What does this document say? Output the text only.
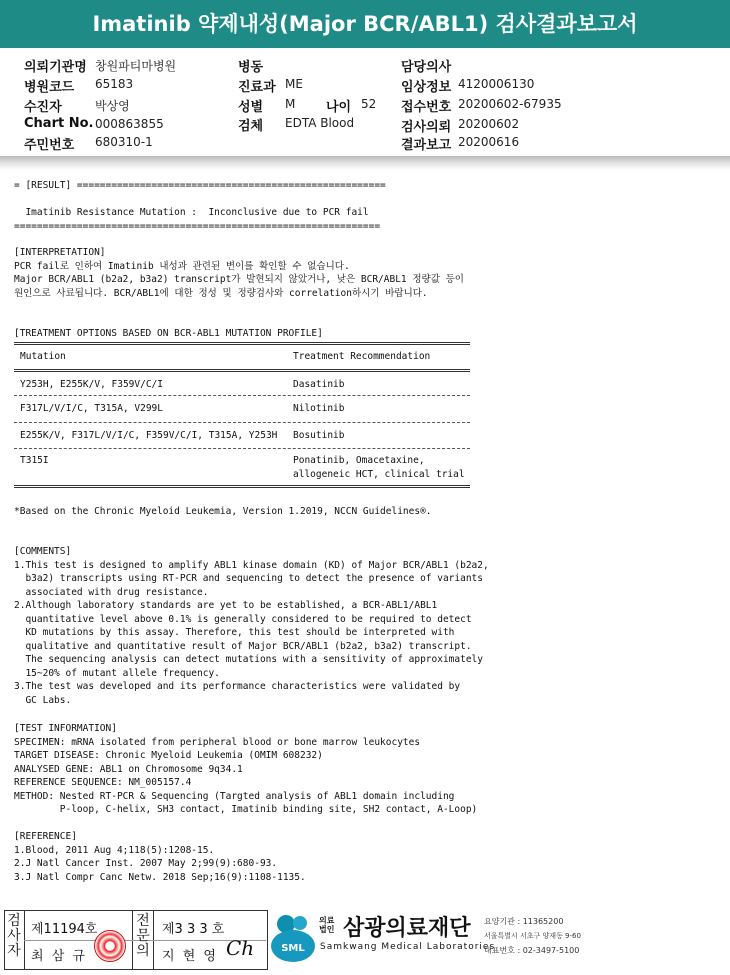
Imatinib 약제내성(Major BCR/ABL1) 검사결과보고서
의뢰기관명 창원파티마병원
병원코드 65183
수진자	박상영
Chart No. 000863855
주민번호 680310-1
병동
진료과 ME
성별 M 나이 52
검체 EDTA Blood
담당의사
임상정보 4120006130
접수번호 20200602-67935
검사의뢰 20200602
결과보고 20200616
= [RESULT] ======================================================
Imatinib Resistance Mutation :  Inconclusive due to PCR fail
================================================================
[INTERPRETATION]
PCR fail로 인하여 Imatinib 내성과 관련된 변이를 확인할 수 없습니다.
Major BCR/ABL1 (b2a2, b3a2) transcript가 발현되지 않았거나, 낮은 BCR/ABL1 정량값 등이
원인으로 사료됩니다. BCR/ABL1에 대한 정성 및 정량검사와 correlation하시기 바랍니다.
[TREATMENT OPTIONS BASED ON BCR-ABL1 MUTATION PROFILE]
Mutation	Treatment Recommendation
Y253H, E255K/V, F359V/C/I	Dasatinib
F317L/V/I/C, T315A, V299L	Nilotinib
E255K/V, F317L/V/I/C, F359V/C/I, T315A, Y253H Bosutinib
T315I	Ponatinib, Omacetaxine,
allogeneic HCT, clinical trial
*Based on the Chronic Myeloid Leukemia, Version 1.2019, NCCN Guidelines®.
[COMMENTS]
1.This test is designed to amplify ABL1 kinase domain (KD) of Major BCR/ABL1 (b2a2,
b3a2) transcripts using RT-PCR and sequencing to detect the presence of variants
associated with drug resistance.
2.Although laboratory standards are yet to be established, a BCR-ABL1/ABL1
quantitative level above 0.1% is generally considered to be required to detect
KD mutations by this assay. Therefore, this test should be interpreted with
qualitative and quantitative result of Major BCR/ABL1 (b2a2, b3a2) transcript.
The sequencing analysis can detect mutations with a sensitivity of approximately
15~20% of mutant allele frequency.
3.The test was developed and its performance characteristics were validated by
GC Labs.
[TEST INFORMATION]
SPECIMEN: mRNA isolated from peripheral blood or bone marrow leukocytes
TARGET DISEASE: Chronic Myeloid Leukemia (OMIM 608232)
ANALYSED GENE: ABL1 on Chromosome 9q34.1
REFERENCE SEQUENCE: NM_005157.4
METHOD: Nested RT-PCR & Sequencing (Targted analysis of ABL1 domain including
P-loop, C-helix, SH3 contact, Imatinib binding site, SH2 contact, A-Loop)
[REFERENCE]
1.Blood, 2011 Aug 4;118(5):1208-15.
2.J Natl Cancer Inst. 2007 May 2;99(9):680-93.
3.J Natl Compr Canc Netw. 2018 Sep;16(9):1108-1135.
검
사
자
제11194호
최 삼 규
전
문
의
제3 3 3 호
지 현 영 Ch	SML
의료
법인 삼광의료재단
Samkwang Medical Laboratories
요양기관 : 11365200
서울특별시 서초구 양재동 9-60
대표번호 : 02-3497-5100
